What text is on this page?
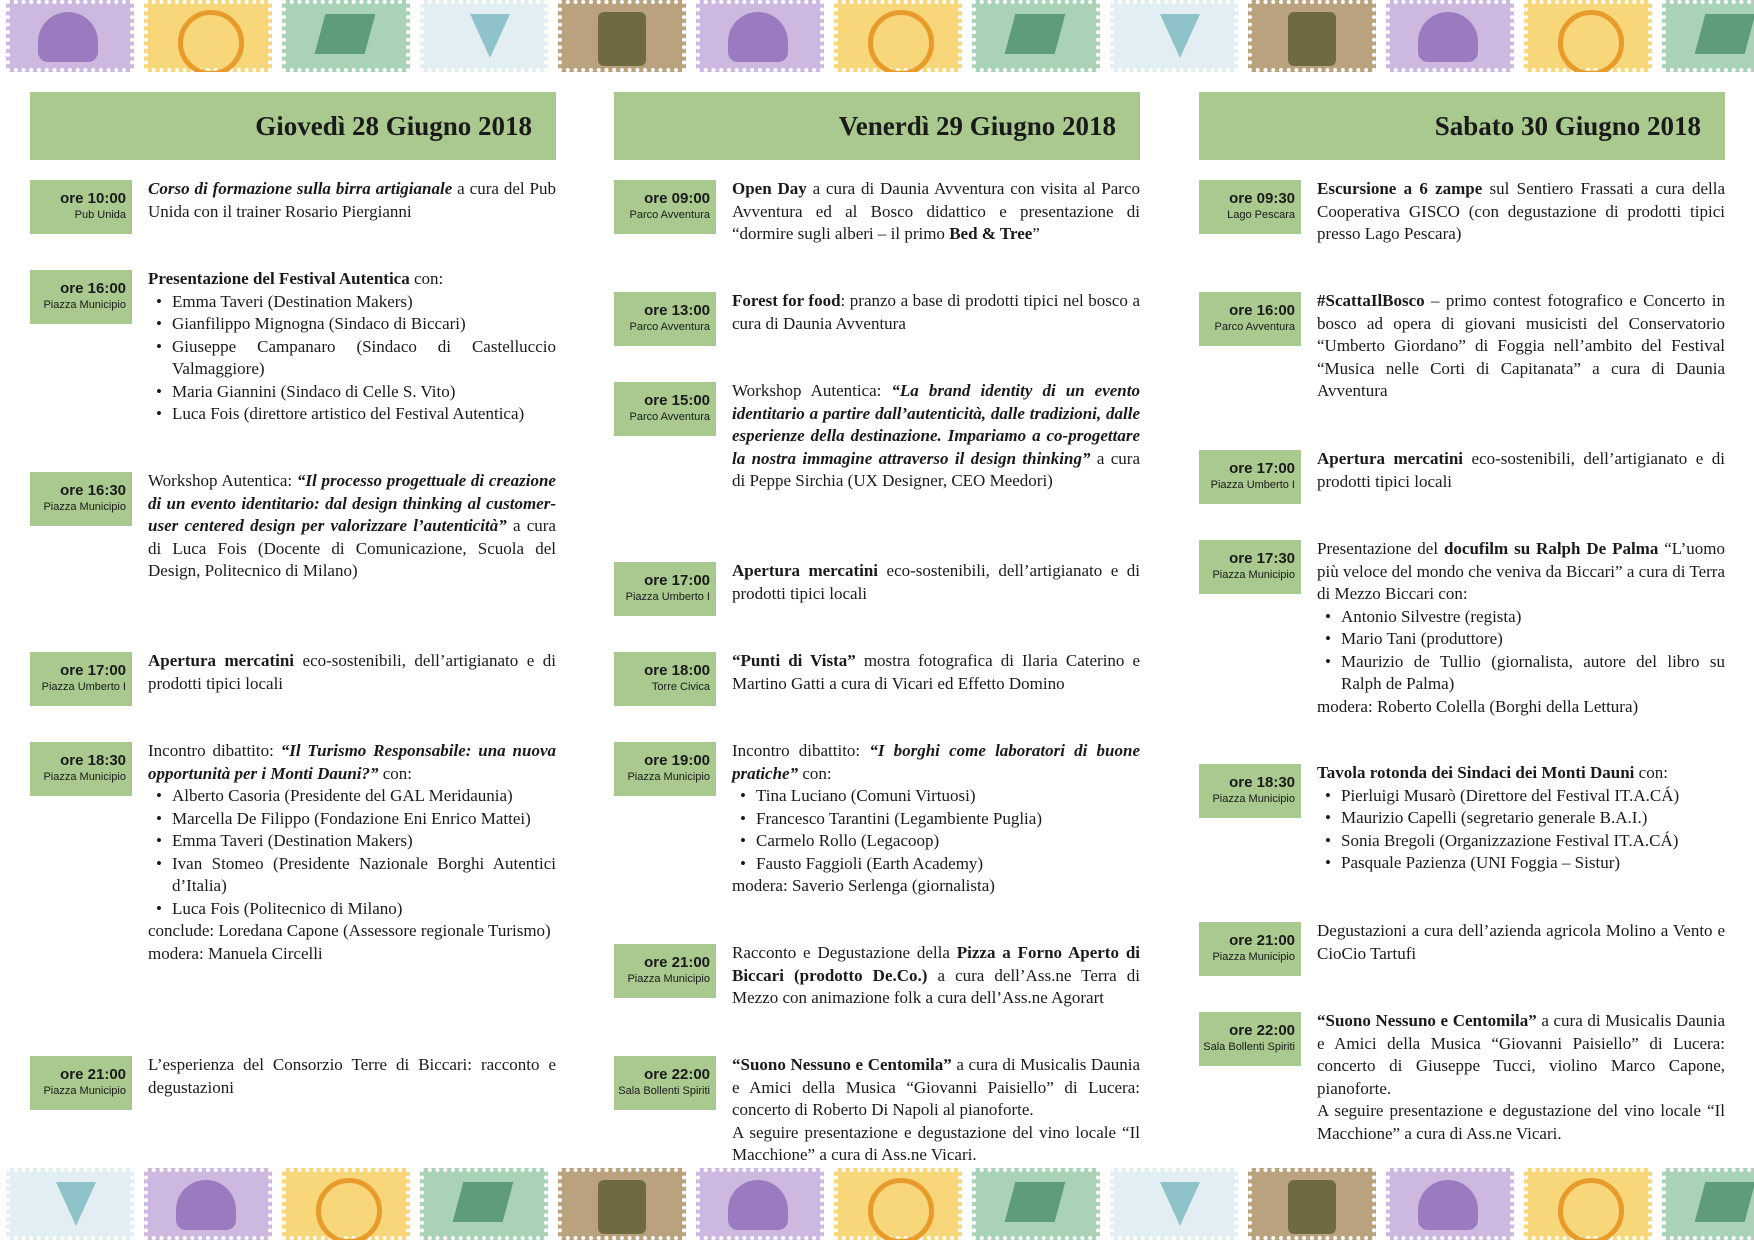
Giovedì 28 Giugno 2018
ore 10:00
Pub Unida
Corso di formazione sulla birra artigianale a cura del Pub Unida con il trainer Rosario Piergianni
ore 16:00
Piazza Municipio
Presentazione del Festival Autentica con:
• Emma Taveri (Destination Makers)
• Gianfilippo Mignogna (Sindaco di Biccari)
• Giuseppe Campanaro (Sindaco di Castelluccio Valmaggiore)
• Maria Giannini (Sindaco di Celle S. Vito)
• Luca Fois (direttore artistico del Festival Autentica)
ore 16:30
Piazza Municipio
Workshop Autentica: “Il processo progettuale di creazione di un evento identitario: dal design thinking al customer-user centered design per valorizzare l’autenticità” a cura di Luca Fois (Docente di Comunicazione, Scuola del Design, Politecnico di Milano)
ore 17:00
Piazza Umberto I
Apertura mercatini eco-sostenibili, dell’artigianato e di prodotti tipici locali
ore 18:30
Piazza Municipio
Incontro dibattito: “Il Turismo Responsabile: una nuova opportunità per i Monti Dauni?” con:
• Alberto Casoria (Presidente del GAL Meridaunia)
• Marcella De Filippo (Fondazione Eni Enrico Mattei)
• Emma Taveri (Destination Makers)
• Ivan Stomeo (Presidente Nazionale Borghi Autentici d’Italia)
• Luca Fois (Politecnico di Milano)
conclude: Loredana Capone (Assessore regionale Turismo)
modera: Manuela Circelli
ore 21:00
Piazza Municipio
L’esperienza del Consorzio Terre di Biccari: racconto e degustazioni
Venerdì 29 Giugno 2018
ore 09:00
Parco Avventura
Open Day a cura di Daunia Avventura con visita al Parco Avventura ed al Bosco didattico e presentazione di “dormire sugli alberi – il primo Bed & Tree”
ore 13:00
Parco Avventura
Forest for food: pranzo a base di prodotti tipici nel bosco a cura di Daunia Avventura
ore 15:00
Parco Avventura
Workshop Autentica: “La brand identity di un evento identitario a partire dall’autenticità, dalle tradizioni, dalle esperienze della destinazione. Impariamo a co-progettare la nostra immagine attraverso il design thinking” a cura di Peppe Sirchia (UX Designer, CEO Meedori)
ore 17:00
Piazza Umberto I
Apertura mercatini eco-sostenibili, dell’artigianato e di prodotti tipici locali
ore 18:00
Torre Civica
“Punti di Vista” mostra fotografica di Ilaria Caterino e Martino Gatti a cura di Vicari ed Effetto Domino
ore 19:00
Piazza Municipio
Incontro dibattito: “I borghi come laboratori di buone pratiche” con:
• Tina Luciano (Comuni Virtuosi)
• Francesco Tarantini (Legambiente Puglia)
• Carmelo Rollo (Legacoop)
• Fausto Faggioli (Earth Academy)
modera: Saverio Serlenga (giornalista)
ore 21:00
Piazza Municipio
Racconto e Degustazione della Pizza a Forno Aperto di Biccari (prodotto De.Co.) a cura dell’Ass.ne Terra di Mezzo con animazione folk a cura dell’Ass.ne Agorart
ore 22:00
Sala Bollenti Spiriti
“Suono Nessuno e Centomila” a cura di Musicalis Daunia e Amici della Musica “Giovanni Paisiello” di Lucera: concerto di Roberto Di Napoli al pianoforte.
A seguire presentazione e degustazione del vino locale “Il Macchione” a cura di Ass.ne Vicari.
Sabato 30 Giugno 2018
ore 09:30
Lago Pescara
Escursione a 6 zampe sul Sentiero Frassati a cura della Cooperativa GISCO (con degustazione di prodotti tipici presso Lago Pescara)
ore 16:00
Parco Avventura
#ScattaIlBosco – primo contest fotografico e Concerto in bosco ad opera di giovani musicisti del Conservatorio “Umberto Giordano” di Foggia nell’ambito del Festival “Musica nelle Corti di Capitanata” a cura di Daunia Avventura
ore 17:00
Piazza Umberto I
Apertura mercatini eco-sostenibili, dell’artigianato e di prodotti tipici locali
ore 17:30
Piazza Municipio
Presentazione del docufilm su Ralph De Palma “L’uomo più veloce del mondo che veniva da Biccari” a cura di Terra di Mezzo Biccari con:
• Antonio Silvestre (regista)
• Mario Tani (produttore)
• Maurizio de Tullio (giornalista, autore del libro su Ralph de Palma)
modera: Roberto Colella (Borghi della Lettura)
ore 18:30
Piazza Municipio
Tavola rotonda dei Sindaci dei Monti Dauni con:
• Pierluigi Musarò (Direttore del Festival IT.A.CÁ)
• Maurizio Capelli (segretario generale B.A.I.)
• Sonia Bregoli (Organizzazione Festival IT.A.CÁ)
• Pasquale Pazienza (UNI Foggia – Sistur)
ore 21:00
Piazza Municipio
Degustazioni a cura dell’azienda agricola Molino a Vento e CioCio Tartufi
ore 22:00
Sala Bollenti Spiriti
“Suono Nessuno e Centomila” a cura di Musicalis Daunia e Amici della Musica “Giovanni Paisiello” di Lucera: concerto di Giuseppe Tucci, violino Marco Capone, pianoforte.
A seguire presentazione e degustazione del vino locale “Il Macchione” a cura di Ass.ne Vicari.
